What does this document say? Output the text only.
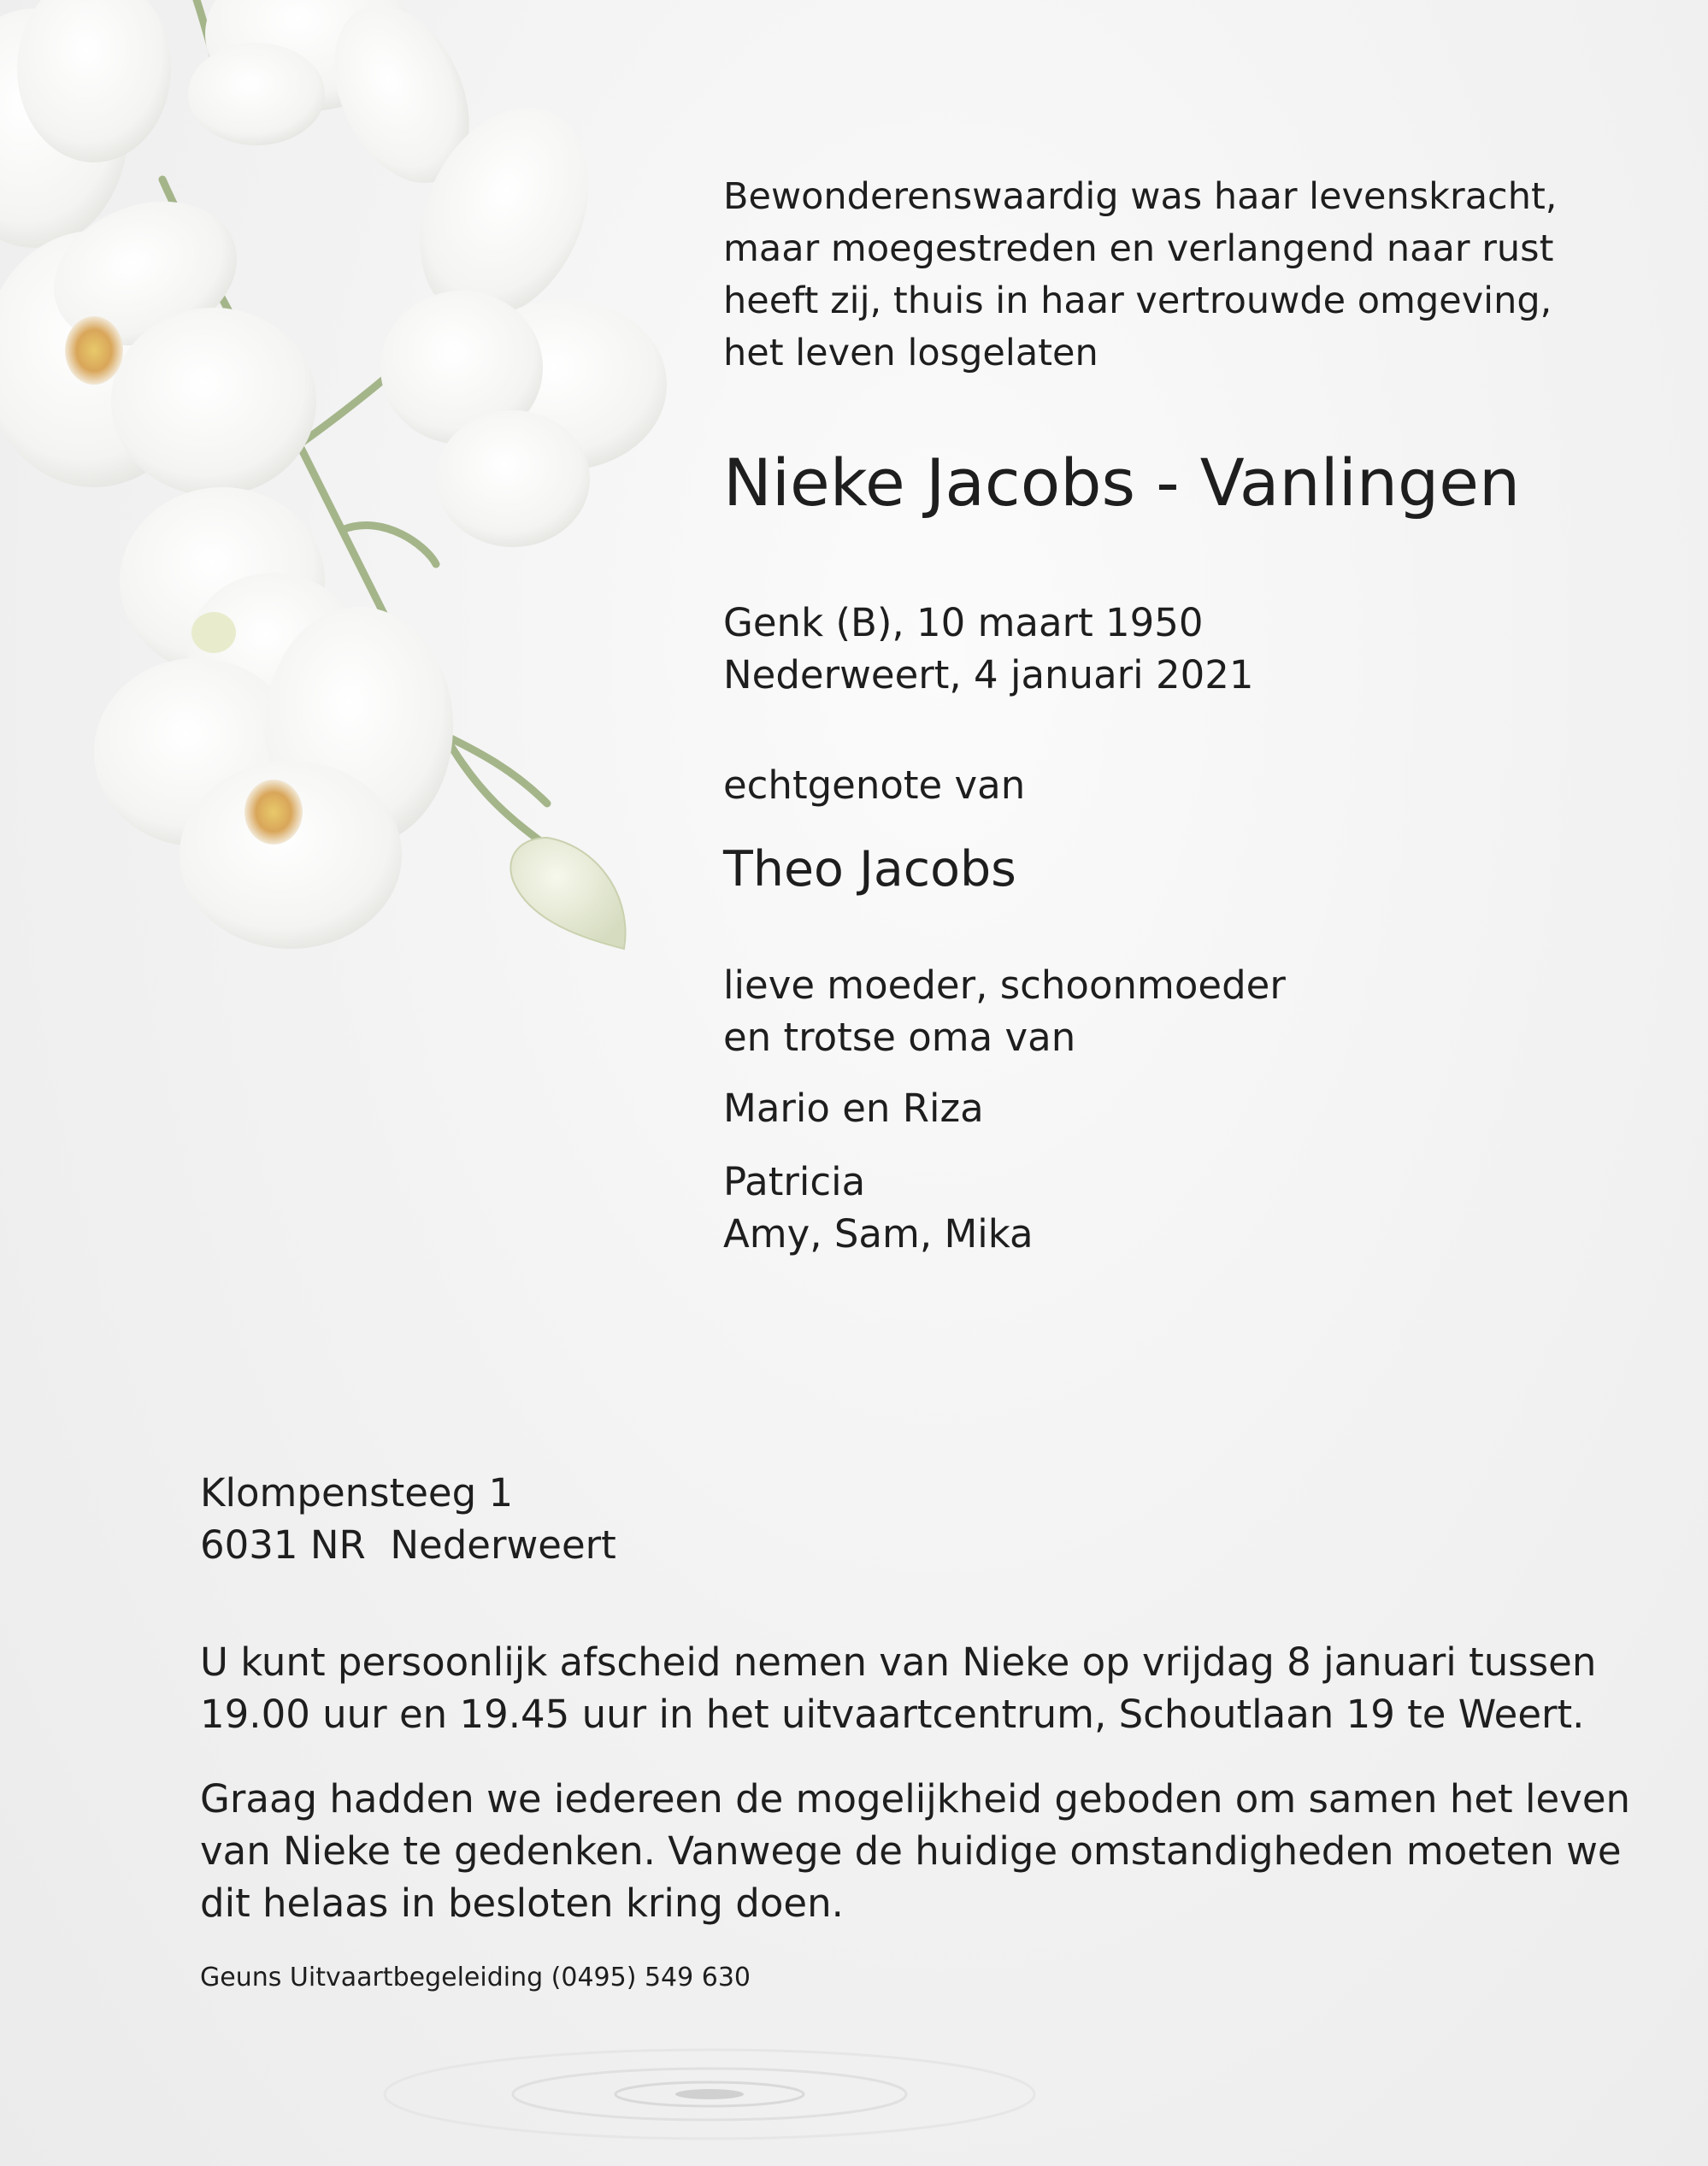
Bewonderenswaardig was haar levenskracht,
maar moegestreden en verlangend naar rust
heeft zij, thuis in haar vertrouwde omgeving,
het leven losgelaten

Nieke Jacobs - Vanlingen

Genk (B), 10 maart 1950
Nederweert, 4 januari 2021

echtgenote van

Theo Jacobs

lieve moeder, schoonmoeder
en trotse oma van

Mario en Riza

Patricia
Amy, Sam, Mika

Klompensteeg 1
6031 NR  Nederweert

U kunt persoonlijk afscheid nemen van Nieke op vrijdag 8 januari tussen
19.00 uur en 19.45 uur in het uitvaartcentrum, Schoutlaan 19 te Weert.

Graag hadden we iedereen de mogelijkheid geboden om samen het leven
van Nieke te gedenken. Vanwege de huidige omstandigheden moeten we
dit helaas in besloten kring doen.

Geuns Uitvaartbegeleiding (0495) 549 630
